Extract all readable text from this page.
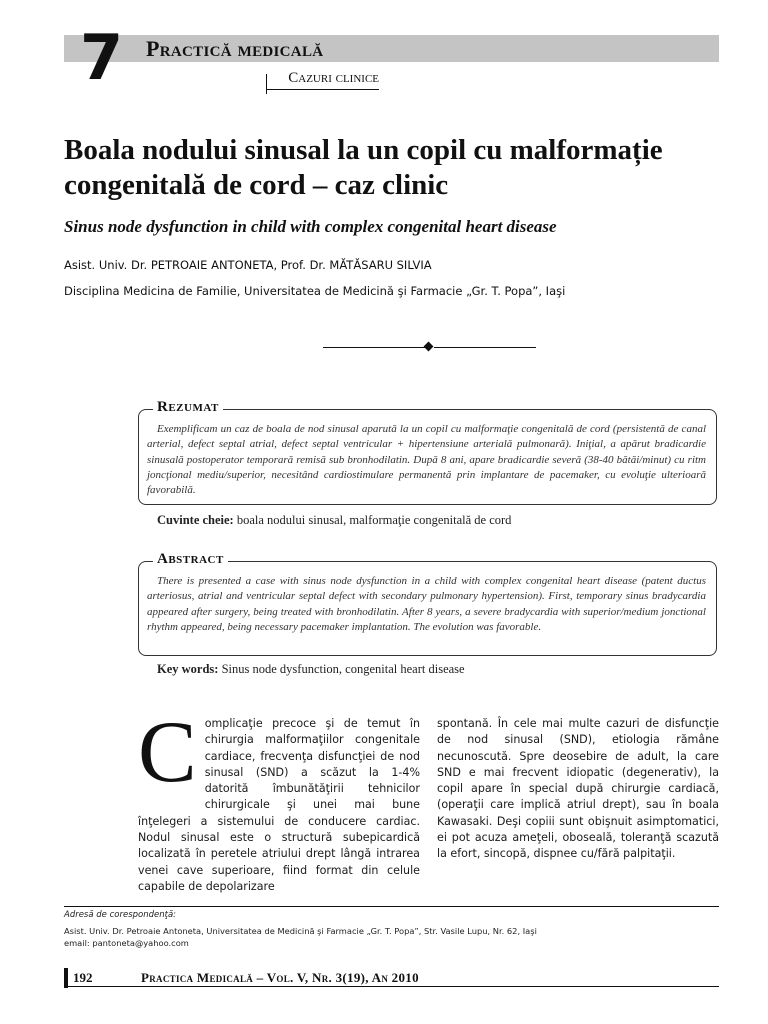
7 Practică medicală
Cazuri clinice
Boala nodului sinusal la un copil cu malformație congenitală de cord – caz clinic
Sinus node dysfunction in child with complex congenital heart disease
Asist. Univ. Dr. PETROAIE ANTONETA, Prof. Dr. MĂTĂSARU SILVIA
Disciplina Medicina de Familie, Universitatea de Medicină şi Farmacie „Gr. T. Popa”, Iaşi
Rezumat

Exemplificam un caz de boala de nod sinusal aparută la un copil cu malformaţie congenitală de cord (persistentă de canal arterial, defect septal atrial, defect septal ventricular + hipertensiune arterială pulmonară). Iniţial, a apărut bradicardie sinusală postoperator temporară remisă sub bronhodilatin. După 8 ani, apare bradicardie severă (38-40 bătăi/minut) cu ritm joncţional mediu/superior, necesitând cardiostimulare permanentă prin implantare de pacemaker, cu evoluţie ulterioară favorabilă.

Cuvinte cheie: boala nodului sinusal, malformaţie congenitală de cord
Abstract

There is presented a case with sinus node dysfunction in a child with complex congenital heart disease (patent ductus arteriosus, atrial and ventricular septal defect with secondary pulmonary hypertension). First, temporary sinus bradycardia appeared after surgery, being treated with bronhodilatin. After 8 years, a severe bradycardia with superior/medium jonctional rhythm appeared, being necessary pacemaker implantation. The evolution was favorable.

Key words: Sinus node dysfunction, congenital heart disease
C omplicaţie precoce şi de temut în chirurgia malformaţiilor congenitale cardiace, frecvenţa disfuncţiei de nod sinusal (SND) a scăzut la 1-4% datorită îmbunătăţirii tehnicilor chirurgicale şi unei mai bune înţelegeri a sistemului de conducere cardiac. Nodul sinusal este o structură subepicardică localizată în peretele atriului drept lângă intrarea venei cave superioare, fiind format din celule capabile de depolarizare

spontană. În cele mai multe cazuri de disfuncţie de nod sinusal (SND), etiologia rămâne necunoscută. Spre deosebire de adult, la care SND e mai frecvent idiopatic (degenerativ), la copil apare în special după chirurgie cardiacă, (operaţii care implică atriul drept), sau în boala Kawasaki. Deşi copiii sunt obişnuit asimptomatici, ei pot acuza ameţeli, oboseală, toleranţă scazută la efort, sincopă, dispnee cu/fără palpitaţii.

Adresă de corespondenţă:
Asist. Univ. Dr. Petroaie Antoneta, Universitatea de Medicină şi Farmacie „Gr. T. Popa”, Str. Vasile Lupu, Nr. 62, Iaşi
email: pantoneta@yahoo.com
192	Practica Medicală – Vol. V, Nr. 3(19), An 2010
